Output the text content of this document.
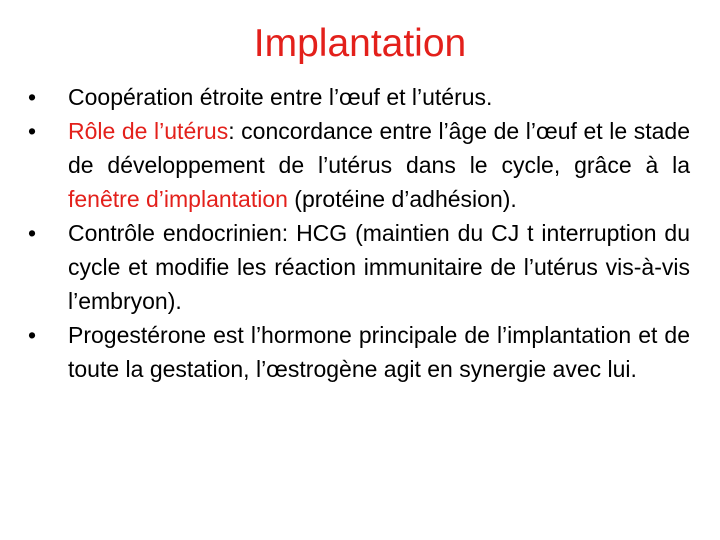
Implantation
•	Coopération étroite entre l’œuf et l’utérus.
•	Rôle de l’utérus: concordance entre l’âge de l’œuf et le stade de développement de l’utérus dans le cycle, grâce à la fenêtre d’implantation (protéine d’adhésion).
•	Contrôle endocrinien: HCG (maintien du CJ t interruption du cycle et modifie les réaction immunitaire de l’utérus vis-à-vis l’embryon).
•	Progestérone est l’hormone principale de l’implantation et de toute la gestation, l’œstrogène agit en synergie avec lui.
